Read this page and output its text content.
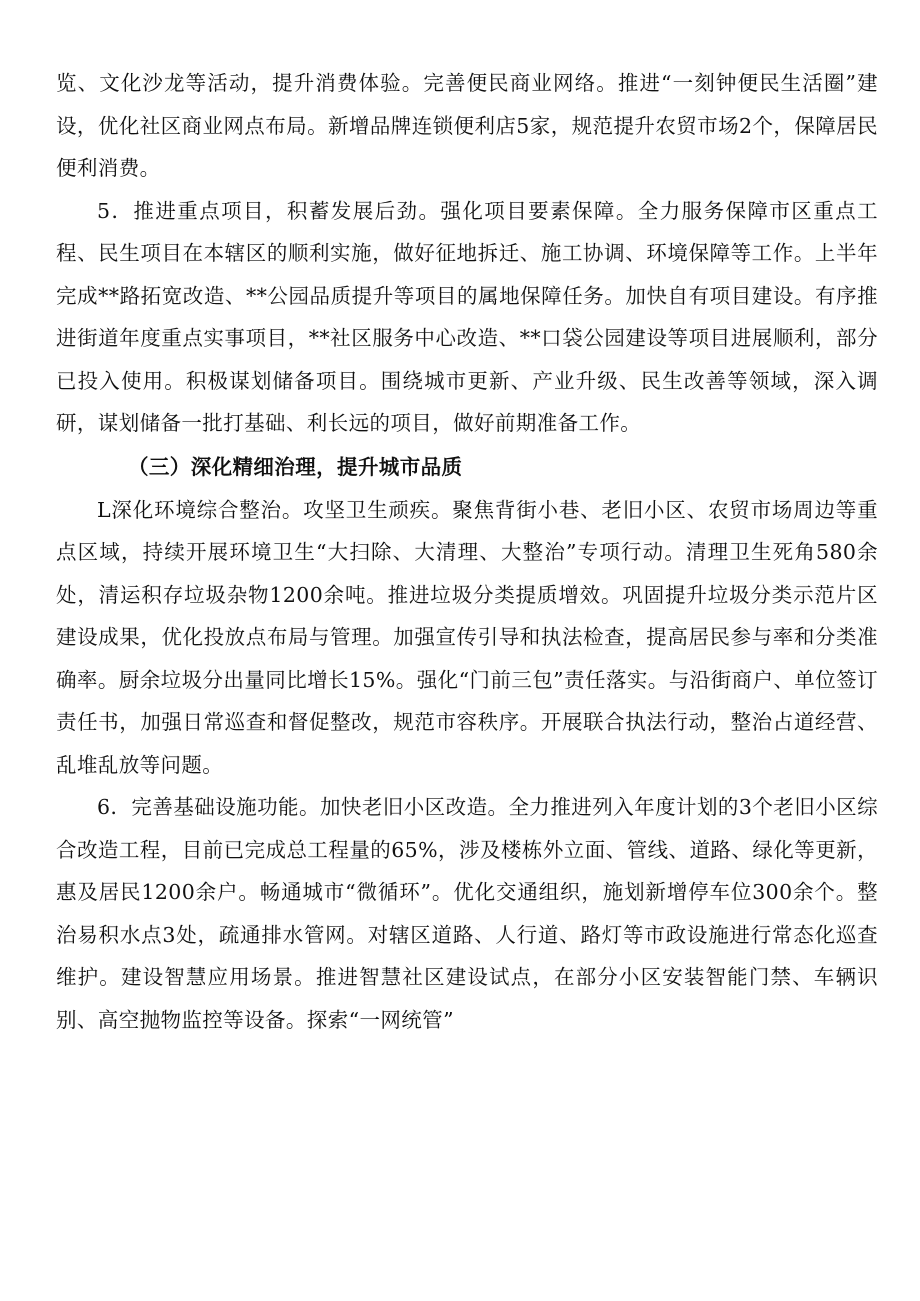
览、文化沙龙等活动，提升消费体验。完善便民商业网络。推进“一刻钟便民生活圈”建设，优化社区商业网点布局。新增品牌连锁便利店5家，规范提升农贸市场2个，保障居民便利消费。

5．推进重点项目，积蓄发展后劲。强化项目要素保障。全力服务保障市区重点工程、民生项目在本辖区的顺利实施，做好征地拆迁、施工协调、环境保障等工作。上半年完成**路拓宽改造、**公园品质提升等项目的属地保障任务。加快自有项目建设。有序推进街道年度重点实事项目，**社区服务中心改造、**口袋公园建设等项目进展顺利，部分已投入使用。积极谋划储备项目。围绕城市更新、产业升级、民生改善等领域，深入调研，谋划储备一批打基础、利长远的项目，做好前期准备工作。

（三）深化精细治理，提升城市品质

L深化环境综合整治。攻坚卫生顽疾。聚焦背街小巷、老旧小区、农贸市场周边等重点区域，持续开展环境卫生“大扫除、大清理、大整治”专项行动。清理卫生死角580余处，清运积存垃圾杂物1200余吨。推进垃圾分类提质增效。巩固提升垃圾分类示范片区建设成果，优化投放点布局与管理。加强宣传引导和执法检查，提高居民参与率和分类准确率。厨余垃圾分出量同比增长15%。强化“门前三包”责任落实。与沿街商户、单位签订责任书，加强日常巡查和督促整改，规范市容秩序。开展联合执法行动，整治占道经营、乱堆乱放等问题。

6．完善基础设施功能。加快老旧小区改造。全力推进列入年度计划的3个老旧小区综合改造工程，目前已完成总工程量的65%，涉及楼栋外立面、管线、道路、绿化等更新，惠及居民1200余户。畅通城市“微循环”。优化交通组织，施划新增停车位300余个。整治易积水点3处，疏通排水管网。对辖区道路、人行道、路灯等市政设施进行常态化巡查维护。建设智慧应用场景。推进智慧社区建设试点，在部分小区安装智能门禁、车辆识别、高空抛物监控等设备。探索“一网统管”
